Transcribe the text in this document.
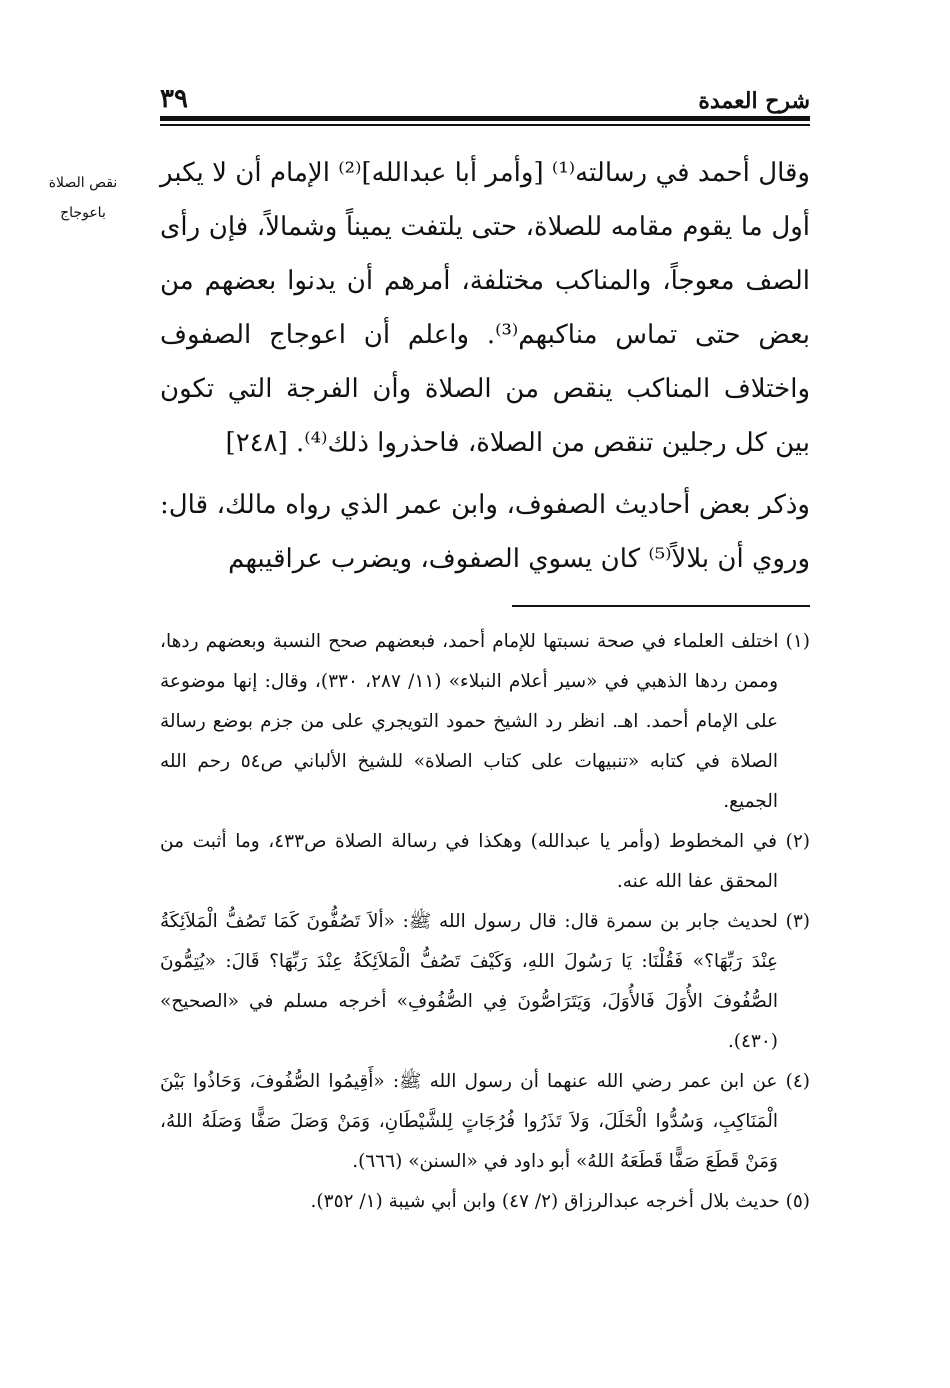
٣٩	شرح العمدة
نقص الصلاة باعوجاج

وقال أحمد في رسالته⁽¹⁾ [وأمر أبا عبدالله]⁽²⁾ الإمام أن لا يكبر أول ما يقوم مقامه للصلاة، حتى يلتفت يميناً وشمالاً، فإن رأى الصف معوجاً، والمناكب مختلفة، أمرهم أن يدنوا بعضهم من بعض حتى تماس مناكبهم⁽³⁾. واعلم أن اعوجاج الصفوف واختلاف المناكب ينقص من الصلاة وأن الفرجة التي تكون بين كل رجلين تنقص من الصلاة، فاحذروا ذلك⁽⁴⁾. [٢٤٨]

وذكر بعض أحاديث الصفوف، وابن عمر الذي رواه مالك، قال: وروي أن بلالاً⁽⁵⁾ كان يسوي الصفوف، ويضرب عراقيبهم

(١) اختلف العلماء في صحة نسبتها للإمام أحمد، فبعضهم صحح النسبة وبعضهم ردها، وممن ردها الذهبي في «سير أعلام النبلاء» (١١/ ٢٨٧، ٣٣٠)، وقال: إنها موضوعة على الإمام أحمد. اهـ. انظر رد الشيخ حمود التويجري على من جزم بوضع رسالة الصلاة في كتابه «تنبيهات على كتاب الصلاة» للشيخ الألباني ص٥٤ رحم الله الجميع.

(٢) في المخطوط (وأمر يا عبدالله) وهكذا في رسالة الصلاة ص٤٣٣، وما أثبت من المحقق عفا الله عنه.

(٣) لحديث جابر بن سمرة قال: قال رسول الله ﷺ: «ألاَ تَصُفُّونَ كَمَا تَصُفُّ الْمَلاَئِكَةُ عِنْدَ رَبِّهَا؟» فَقُلْنَا: يَا رَسُولَ اللهِ، وَكَيْفَ تَصُفُّ الْمَلاَئِكَةُ عِنْدَ رَبِّهَا؟ قَالَ: «يُتِمُّونَ الصُّفُوفَ الأُوَلَ فَالأُوَلَ، وَيَتَرَاصُّونَ فِي الصُّفُوفِ» أخرجه مسلم في «الصحيح» (٤٣٠).

(٤) عن ابن عمر رضي الله عنهما أن رسول الله ﷺ: «أَقِيمُوا الصُّفُوفَ، وَحَاذُوا بَيْنَ الْمَنَاكِبِ، وَسُدُّوا الْخَلَلَ، وَلاَ تَذَرُوا فُرُجَاتٍ لِلشَّيْطَانِ، وَمَنْ وَصَلَ صَفًّا وَصَلَهُ اللهُ، وَمَنْ قَطَعَ صَفًّا قَطَعَهُ اللهُ» أبو داود في «السنن» (٦٦٦).

(٥) حديث بلال أخرجه عبدالرزاق (٢/ ٤٧) وابن أبي شيبة (١/ ٣٥٢).
